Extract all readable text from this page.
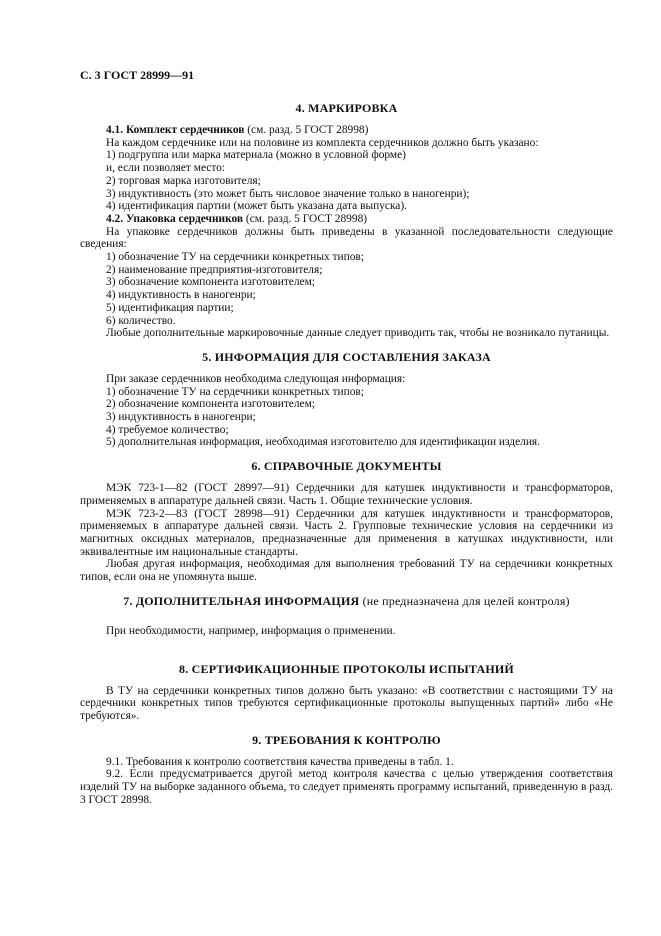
С. 3 ГОСТ 28999—91
4. МАРКИРОВКА

4.1. Комплект сердечников (см. разд. 5 ГОСТ 28998)

На каждом сердечнике или на половине из комплекта сердечников должно быть указано:

1) подгруппа или марка материала (можно в условной форме)

и, если позволяет место:

2) торговая марка изготовителя;

3) индуктивность (это может быть числовое значение только в наногенри);

4) идентификация партии (может быть указана дата выпуска).

4.2. Упаковка сердечников (см. разд. 5 ГОСТ 28998)

На упаковке сердечников должны быть приведены в указанной последовательности следующие сведения:

1) обозначение ТУ на сердечники конкретных типов;

2) наименование предприятия-изготовителя;

3) обозначение компонента изготовителем;

4) индуктивность в наногенри;

5) идентификация партии;

6) количество.

Любые дополнительные маркировочные данные следует приводить так, чтобы не возникало путаницы.

5. ИНФОРМАЦИЯ ДЛЯ СОСТАВЛЕНИЯ ЗАКАЗА

При заказе сердечников необходима следующая информация:

1) обозначение ТУ на сердечники конкретных типов;

2) обозначение компонента изготовителем;

3) индуктивность в наногенри;

4) требуемое количество;

5) дополнительная информация, необходимая изготовителю для идентификации изделия.

6. СПРАВОЧНЫЕ ДОКУМЕНТЫ

МЭК 723-1—82 (ГОСТ 28997—91) Сердечники для катушек индуктивности и трансформаторов, применяемых в аппаратуре дальней связи. Часть 1. Общие технические условия.

МЭК 723-2—83 (ГОСТ 28998—91) Сердечники для катушек индуктивности и трансформаторов, применяемых в аппаратуре дальней связи. Часть 2. Групповые технические условия на сердечники из магнитных оксидных материалов, предназначенные для применения в катушках индуктивности, или эквивалентные им национальные стандарты.

Любая другая информация, необходимая для выполнения требований ТУ на сердечники конкретных типов, если она не упомянута выше.

7. ДОПОЛНИТЕЛЬНАЯ ИНФОРМАЦИЯ (не предназначена для целей контроля)

При необходимости, например, информация о применении.

8. СЕРТИФИКАЦИОННЫЕ ПРОТОКОЛЫ ИСПЫТАНИЙ

В ТУ на сердечники конкретных типов должно быть указано: «В соответствии с настоящими ТУ на сердечники конкретных типов требуются сертификационные протоколы выпущенных партий» либо «Не требуются».

9. ТРЕБОВАНИЯ К КОНТРОЛЮ

9.1. Требования к контролю соответствия качества приведены в табл. 1.

9.2. Если предусматривается другой метод контроля качества с целью утверждения соответствия изделий ТУ на выборке заданного объема, то следует применять программу испытаний, приведенную в разд. 3 ГОСТ 28998.
